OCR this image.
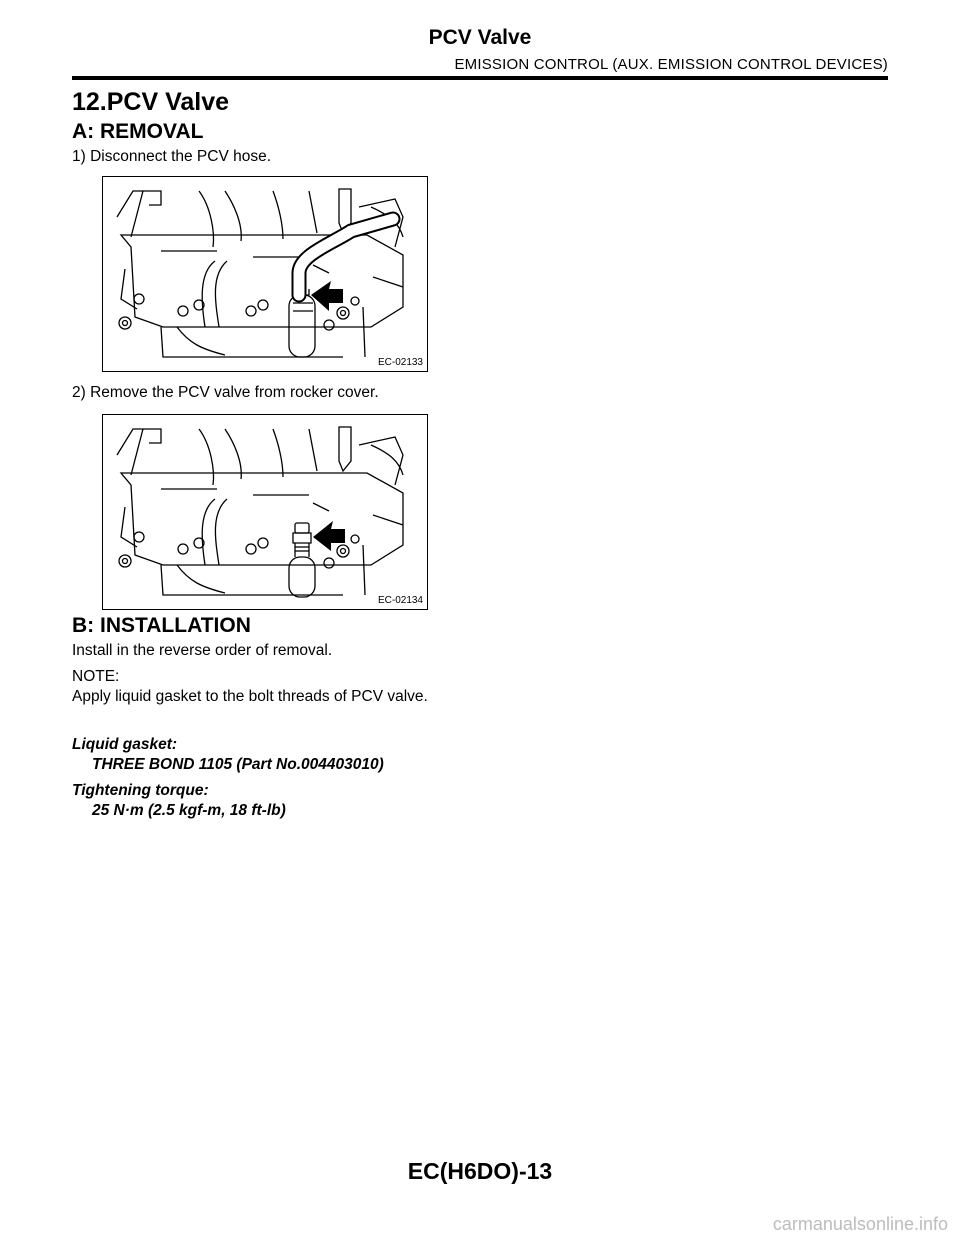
PCV Valve
EMISSION CONTROL (AUX. EMISSION CONTROL DEVICES)
12.PCV Valve
A: REMOVAL
1) Disconnect the PCV hose.
EC-02133
2) Remove the PCV valve from rocker cover.
EC-02134
B: INSTALLATION
Install in the reverse order of removal.
NOTE:
Apply liquid gasket to the bolt threads of PCV valve.
Liquid gasket:
THREE BOND 1105 (Part No.004403010)
Tightening torque:
25 N·m (2.5 kgf-m, 18 ft-lb)
EC(H6DO)-13
carmanualsonline.info
